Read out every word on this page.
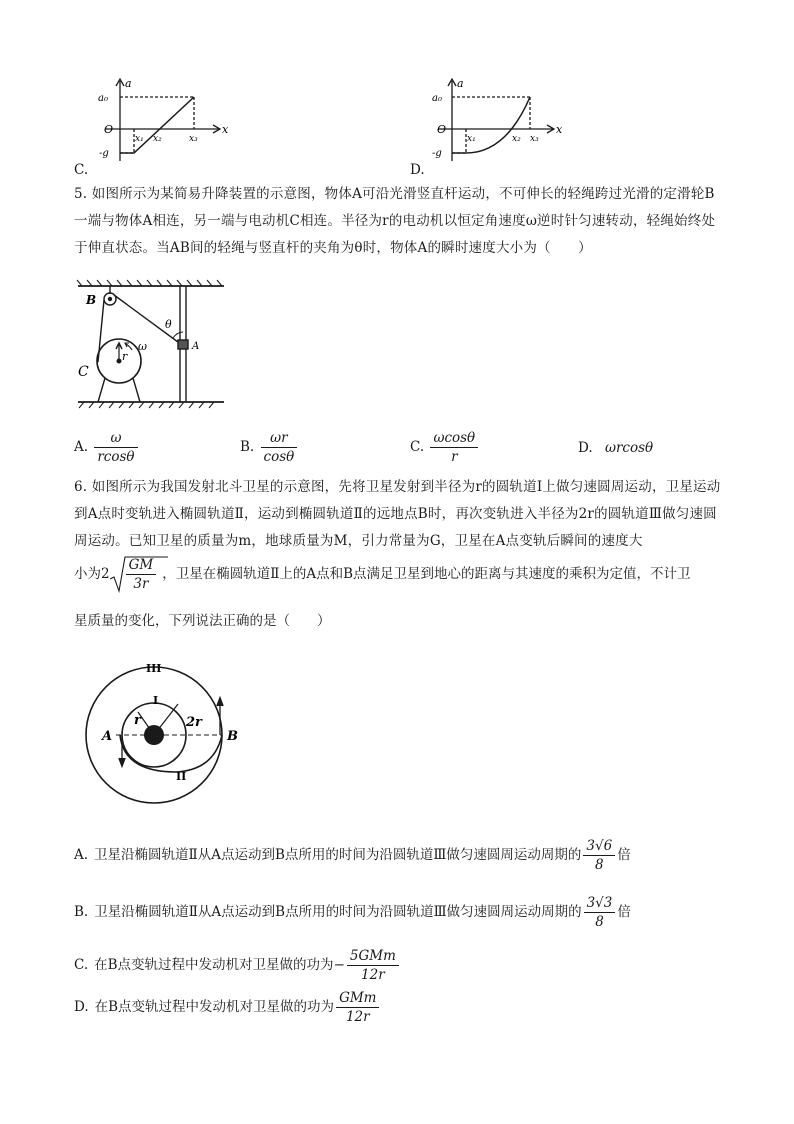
a
a₀
O
-g
x₁ x₂	x₃
x
C.
a
a₀
O
-g
x₁	x₂ x₃
x
D.
5. 如图所示为某简易升降装置的示意图，物体A可沿光滑竖直杆运动，不可伸长的轻绳跨过光滑的定滑轮B一端与物体A相连，另一端与电动机C相连。半径为r的电动机以恒定角速度ω逆时针匀速转动，轻绳始终处于伸直状态。当AB间的轻绳与竖直杆的夹角为θ时，物体A的瞬时速度大小为（　　）
B
A
C
r
ω
θ
A. $\frac{\omega}{rcos\theta}$	B. $\frac{\omega r}{\cos\theta}$	C. $\frac{\omega\cos\theta}{r}$	D. ωrcosθ
6. 如图所示为我国发射北斗卫星的示意图，先将卫星发射到半径为r的圆轨道Ⅰ上做匀速圆周运动，卫星运动到A点时变轨进入椭圆轨道Ⅱ，运动到椭圆轨道Ⅱ的远地点B时，再次变轨进入半径为2r的圆轨道Ⅲ做匀速圆周运动。已知卫星的质量为m，地球质量为M，引力常量为G，卫星在A点变轨后瞬间的速度大
小为$2 \frac{GM}{3r}$ ，卫星在椭圆轨道Ⅱ上的A点和B点满足卫星到地心的距离与其速度的乘积为定值，不计卫
星质量的变化，下列说法正确的是（　　）
III
I
II
r	2r
A	B
A. 卫星沿椭圆轨道Ⅱ从A点运动到B点所用的时间为沿圆轨道Ⅲ做匀速圆周运动周期的 $\frac{3√6}{8}$ 倍
B. 卫星沿椭圆轨道Ⅱ从A点运动到B点所用的时间为沿圆轨道Ⅲ做匀速圆周运动周期的 $\frac{3√3}{8}$ 倍
C. 在B点变轨过程中发动机对卫星做的功为− $\frac{\text{5GMm}}{12r}$
D. 在B点变轨过程中发动机对卫星做的功为 $\frac{\text{GMm}}{12r}$
